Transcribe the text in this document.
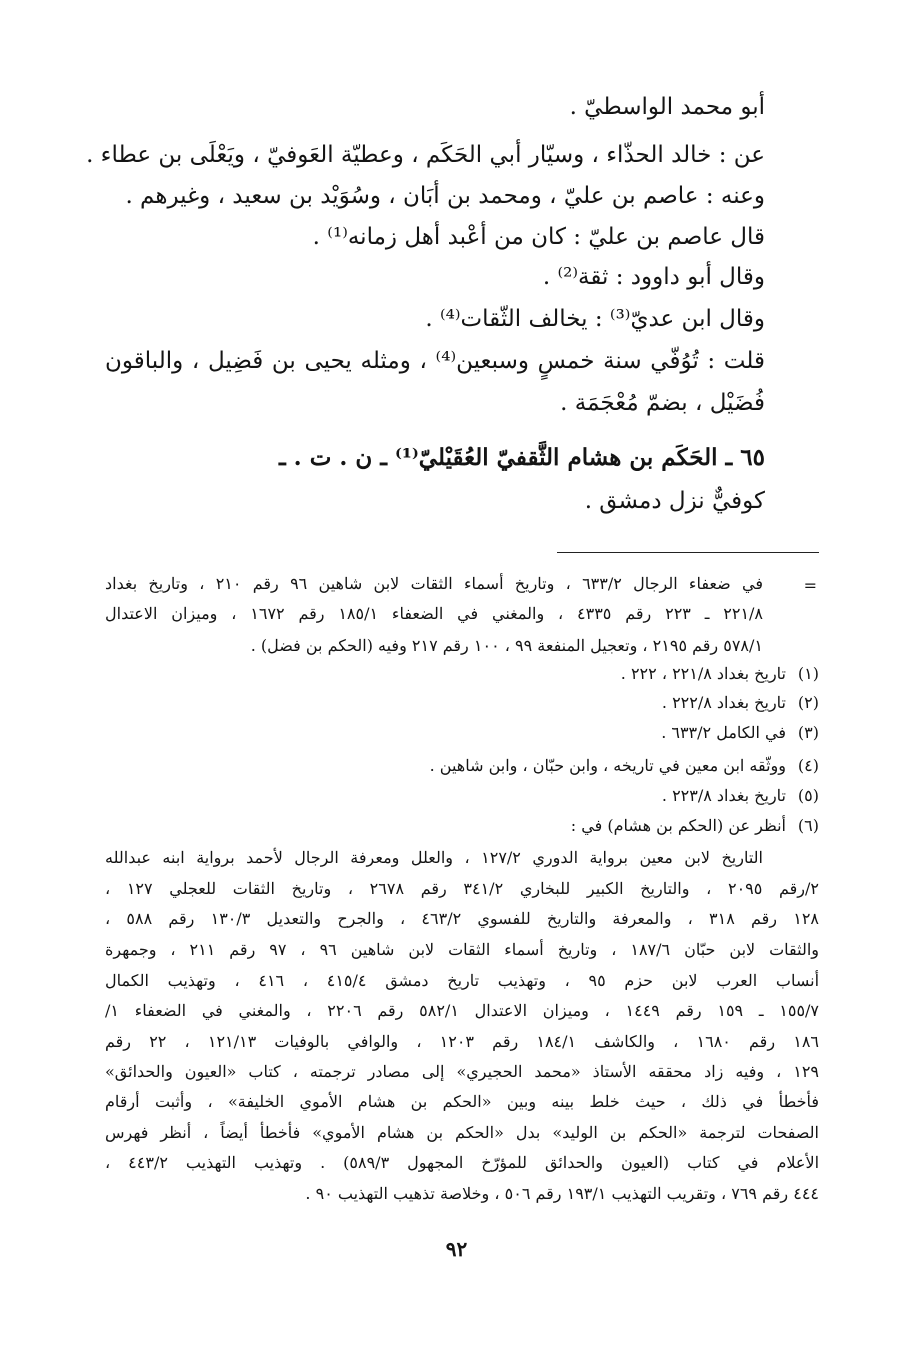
أبو محمد الواسطيّ .
عن : خالد الحذّاء ، وسيّار أبي الحَكَم ، وعطيّة العَوفيّ ، ويَعْلَى بن عطاء .
وعنه : عاصم بن عليّ ، ومحمد بن أبَان ، وسُوَيْد بن سعيد ، وغيرهم .
قال عاصم بن عليّ : كان من أعْبد أهل زمانه⁽¹⁾ .
وقال أبو داوود : ثقة⁽²⁾ .
وقال ابن عديّ⁽³⁾ : يخالف الثّقات⁽⁴⁾ .
قلت : تُوُفّي سنة خمسٍ وسبعين⁽⁴⁾ ، ومثله يحيى بن فَضِيل ، والباقون
فُضَيْل ، بضمّ مُعْجَمَة .
٦٥ ـ الحَكَم بن هشام الثَّقفيّ العُقَيْليّ⁽¹⁾ ـ ن . ت . ـ
كوفيٌّ نزل دمشق .
=
في ضعفاء الرجال ٦٣٣/٢ ، وتاريخ أسماء الثقات لابن شاهين ٩٦ رقم ٢١٠ ، وتاريخ بغداد
٢٢١/٨ ـ ٢٢٣ رقم ٤٣٣٥ ، والمغني في الضعفاء ١٨٥/١ رقم ١٦٧٢ ، وميزان الاعتدال
٥٧٨/١ رقم ٢١٩٥ ، وتعجيل المنفعة ٩٩ ، ١٠٠ رقم ٢١٧ وفيه (الحكم بن فضل) .
(١)
تاريخ بغداد ٢٢١/٨ ، ٢٢٢ .
(٢)
تاريخ بغداد ٢٢٢/٨ .
(٣)
في الكامل ٦٣٣/٢ .
(٤)
ووثّقه ابن معين في تاريخه ، وابن حبّان ، وابن شاهين .
(٥)
تاريخ بغداد ٢٢٣/٨ .
(٦)
أنظر عن (الحكم بن هشام) في :
التاريخ لابن معين برواية الدوري ١٢٧/٢ ، والعلل ومعرفة الرجال لأحمد برواية ابنه عبدالله
٢/رقم ٢٠٩٥ ، والتاريخ الكبير للبخاري ٣٤١/٢ رقم ٢٦٧٨ ، وتاريخ الثقات للعجلي ١٢٧ ،
١٢٨ رقم ٣١٨ ، والمعرفة والتاريخ للفسوي ٤٦٣/٢ ، والجرح والتعديل ١٣٠/٣ رقم ٥٨٨ ،
والثقات لابن حبّان ١٨٧/٦ ، وتاريخ أسماء الثقات لابن شاهين ٩٦ ، ٩٧ رقم ٢١١ ، وجمهرة
أنساب العرب لابن حزم ٩٥ ، وتهذيب تاريخ دمشق ٤١٥/٤ ، ٤١٦ ، وتهذيب الكمال
١٥٥/٧ ـ ١٥٩ رقم ١٤٤٩ ، وميزان الاعتدال ٥٨٢/١ رقم ٢٢٠٦ ، والمغني في الضعفاء ١/
١٨٦ رقم ١٦٨٠ ، والكاشف ١٨٤/١ رقم ١٢٠٣ ، والوافي بالوفيات ١٢١/١٣ ، ٢٢ رقم
١٢٩ ، وفيه زاد محققه الأستاذ «محمد الحجيري» إلى مصادر ترجمته ، كتاب «العيون والحدائق»
فأخطأ في ذلك ، حيث خلط بينه وبين «الحكم بن هشام الأموي الخليفة» ، وأثبت أرقام
الصفحات لترجمة «الحكم بن الوليد» بدل «الحكم بن هشام الأموي» فأخطأ أيضاً ، أنظر فهرس
الأعلام في كتاب (العيون والحدائق للمؤرّخ المجهول ٥٨٩/٣) . وتهذيب التهذيب ٤٤٣/٢ ،
٤٤٤ رقم ٧٦٩ ، وتقريب التهذيب ١٩٣/١ رقم ٥٠٦ ، وخلاصة تذهيب التهذيب ٩٠ .
٩٢
